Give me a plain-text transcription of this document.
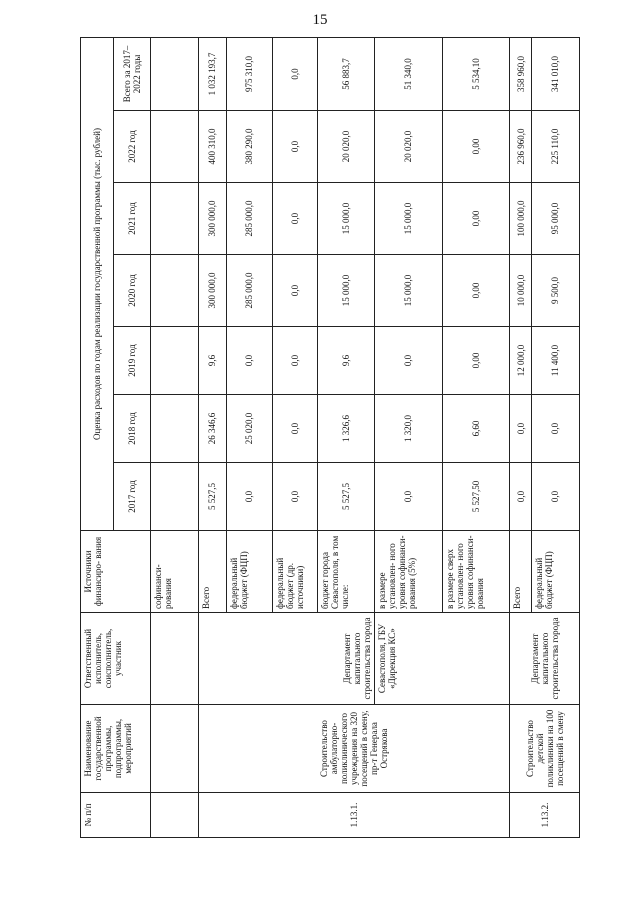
15
№ п/п	Наименование государственной программы, подпрограммы, мероприятий	Ответственный исполнитель, соисполнитель, участник	Источники финансиро- вания	Оценка расходов по годам реализации государственной программы (тыс. рублей)						
				2017 год	2018 год	2019 год	2020 год	2021 год	2022 год	Всего за 2017–2022 годы
			софинанси- рования							
1.13.1.	Строительство амбулаторно-поликлинического учреждения на 320 посещений в смену, пр-т Генерала Острякова	Департамент капитального строительства города	Всего	5 527,5	26 346,6	9,6	300 000,0	300 000,0	400 310,0	1 032 193,7
			федеральный бюджет (ФЦП)	0,0	25 020,0	0,0	285 000,0	285 000,0	380 290,0	975 310,0
			федеральный бюджет (др. источники)	0,0	0,0	0,0	0,0	0,0	0,0	0,0
			бюджет города Севастополя, в том числе:	5 527,5	1 326,6	9,6	15 000,0	15 000,0	20 020,0	56 883,7
		Севастополя, ГБУ «Дирекция КС»	в размере установлен- ного уровня софинанси- рования (5%)	0,0	1 320,0	0,0	15 000,0	15 000,0	20 020,0	51 340,0
			в размере сверх установлен- ного уровня софинанси- рования	5 527,50	6,60	0,00	0,00	0,00	0,00	5 534,10
1.13.2.	Строительство детской поликлиники на 100 посещений в смену	Департамент капитального строительства города	Всего	0,0	0,0	12 000,0	10 000,0	100 000,0	236 960,0	358 960,0
			федеральный бюджет (ФЦП)	0,0	0,0	11 400,0	9 500,0	95 000,0	225 110,0	341 010,0
